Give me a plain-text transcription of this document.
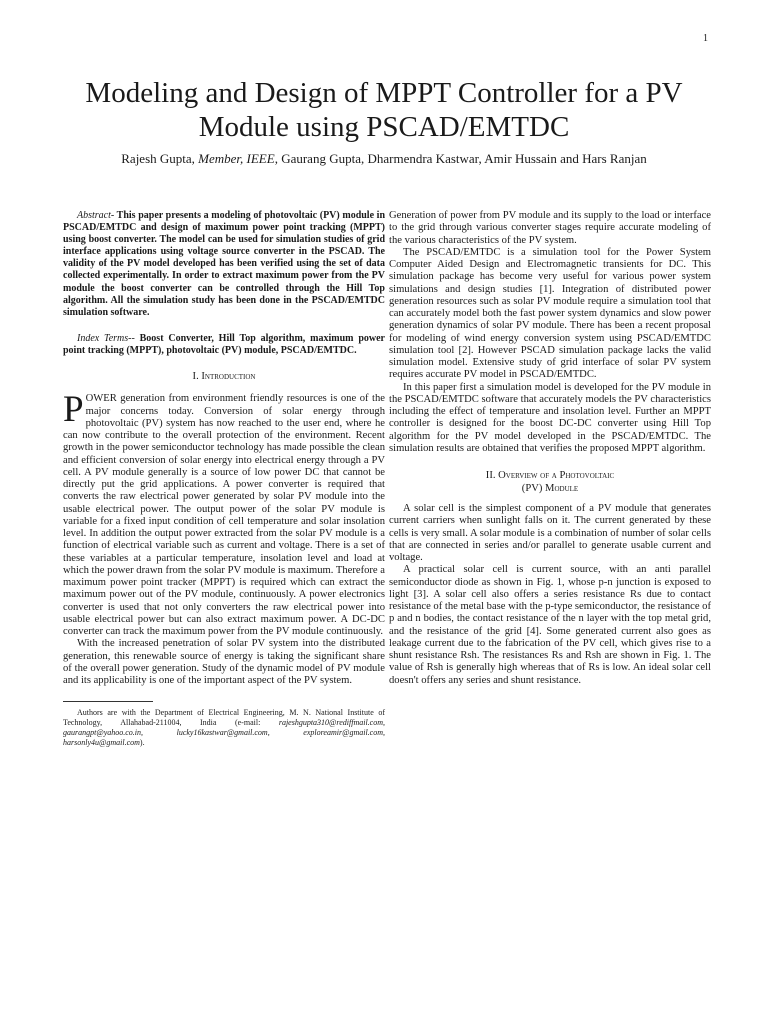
1
Modeling and Design of MPPT Controller for a PV Module using PSCAD/EMTDC

Rajesh Gupta, Member, IEEE, Gaurang Gupta, Dharmendra Kastwar, Amir Hussain and Hars Ranjan

Abstract- This paper presents a modeling of photovoltaic (PV) module in PSCAD/EMTDC and design of maximum power point tracking (MPPT) using boost converter. The model can be used for simulation studies of grid interface applications using voltage source converter in the PSCAD. The validity of the PV model developed has been verified using the set of data collected experimentally. In order to extract maximum power from the PV module the boost converter can be controlled through the Hill Top algorithm. All the simulation study has been done in the PSCAD/EMTDC simulation software.

Index Terms-- Boost Converter, Hill Top algorithm, maximum power point tracking (MPPT), photovoltaic (PV) module, PSCAD/EMTDC.

I. Introduction

POWER generation from environment friendly resources is one of the major concerns today. Conversion of solar energy through photovoltaic (PV) system has now reached to the user end, where he can now contribute to the overall protection of the environment. Recent growth in the power semiconductor technology has made possible the clean and efficient conversion of solar energy into electrical energy through a PV cell. A PV module generally is a source of low power DC that cannot be directly put the grid applications. A power converter is required that converts the raw electrical power generated by solar PV module into the usable electrical power. The output power of the solar PV module is variable for a fixed input condition of cell temperature and solar insolation level. In addition the output power extracted from the solar PV module is a function of electrical variable such as current and voltage. There is a set of these variables at a particular temperature, insolation level and load at which the power drawn from the solar PV module is maximum. Therefore a maximum power point tracker (MPPT) is required which can extract the maximum power out of the PV module, continuously. A power electronics converter is used that not only converters the raw electrical power into usable electrical power but can also extract maximum power. A DC-DC converter can track the maximum power from the PV module continuously.

With the increased penetration of solar PV system into the distributed generation, this renewable source of energy is taking the significant share of the overall power generation. Study of the dynamic model of PV module and its applicability is one of the important aspect of the PV system.

Authors are with the Department of Electrical Engineering, M. N. National Institute of Technology, Allahabad-211004, India (e-mail: rajeshgupta310@rediffmail.com, gaurangpt@yahoo.co.in, lucky16kastwar@gmail.com, exploreamir@gmail.com, harsonly4u@gmail.com).

Generation of power from PV module and its supply to the load or interface to the grid through various converter stages require accurate modeling of the various characteristics of the PV system.

The PSCAD/EMTDC is a simulation tool for the Power System Computer Aided Design and Electromagnetic transients for DC. This simulation package has become very useful for various power system simulations and design studies [1]. Integration of distributed power generation resources such as solar PV module require a simulation tool that can accurately model both the fast power system dynamics and slow power generation dynamics of solar PV module. There has been a recent proposal for modeling of wind energy conversion system using PSCAD/EMTDC simulation tool [2]. However PSCAD simulation package lacks the valid simulation model. Extensive study of grid interface of solar PV system requires accurate PV model in PSCAD/EMTDC.

In this paper first a simulation model is developed for the PV module in the PSCAD/EMTDC software that accurately models the PV characteristics including the effect of temperature and insolation level. Further an MPPT controller is designed for the boost DC-DC converter using Hill Top algorithm for the PV model developed in the PSCAD/EMTDC. The simulation results are obtained that verifies the proposed MPPT algorithm.

II. Overview of a Photovoltaic
(PV) Module

A solar cell is the simplest component of a PV module that generates current carriers when sunlight falls on it. The current generated by these cells is very small. A solar module is a combination of number of solar cells that are connected in series and/or parallel to generate usable current and voltage.

A practical solar cell is current source, with an anti parallel semiconductor diode as shown in Fig. 1, whose p-n junction is exposed to light [3]. A solar cell also offers a series resistance Rs due to contact resistance of the metal base with the p-type semiconductor, the resistance of p and n bodies, the contact resistance of the n layer with the top metal grid, and the resistance of the grid [4]. Some generated current also goes as leakage current due to the fabrication of the PV cell, which gives rise to a shunt resistance Rsh. The resistances Rs and Rsh are shown in Fig. 1. The value of Rsh is generally high whereas that of Rs is low. An ideal solar cell doesn't offers any series and shunt resistance.
